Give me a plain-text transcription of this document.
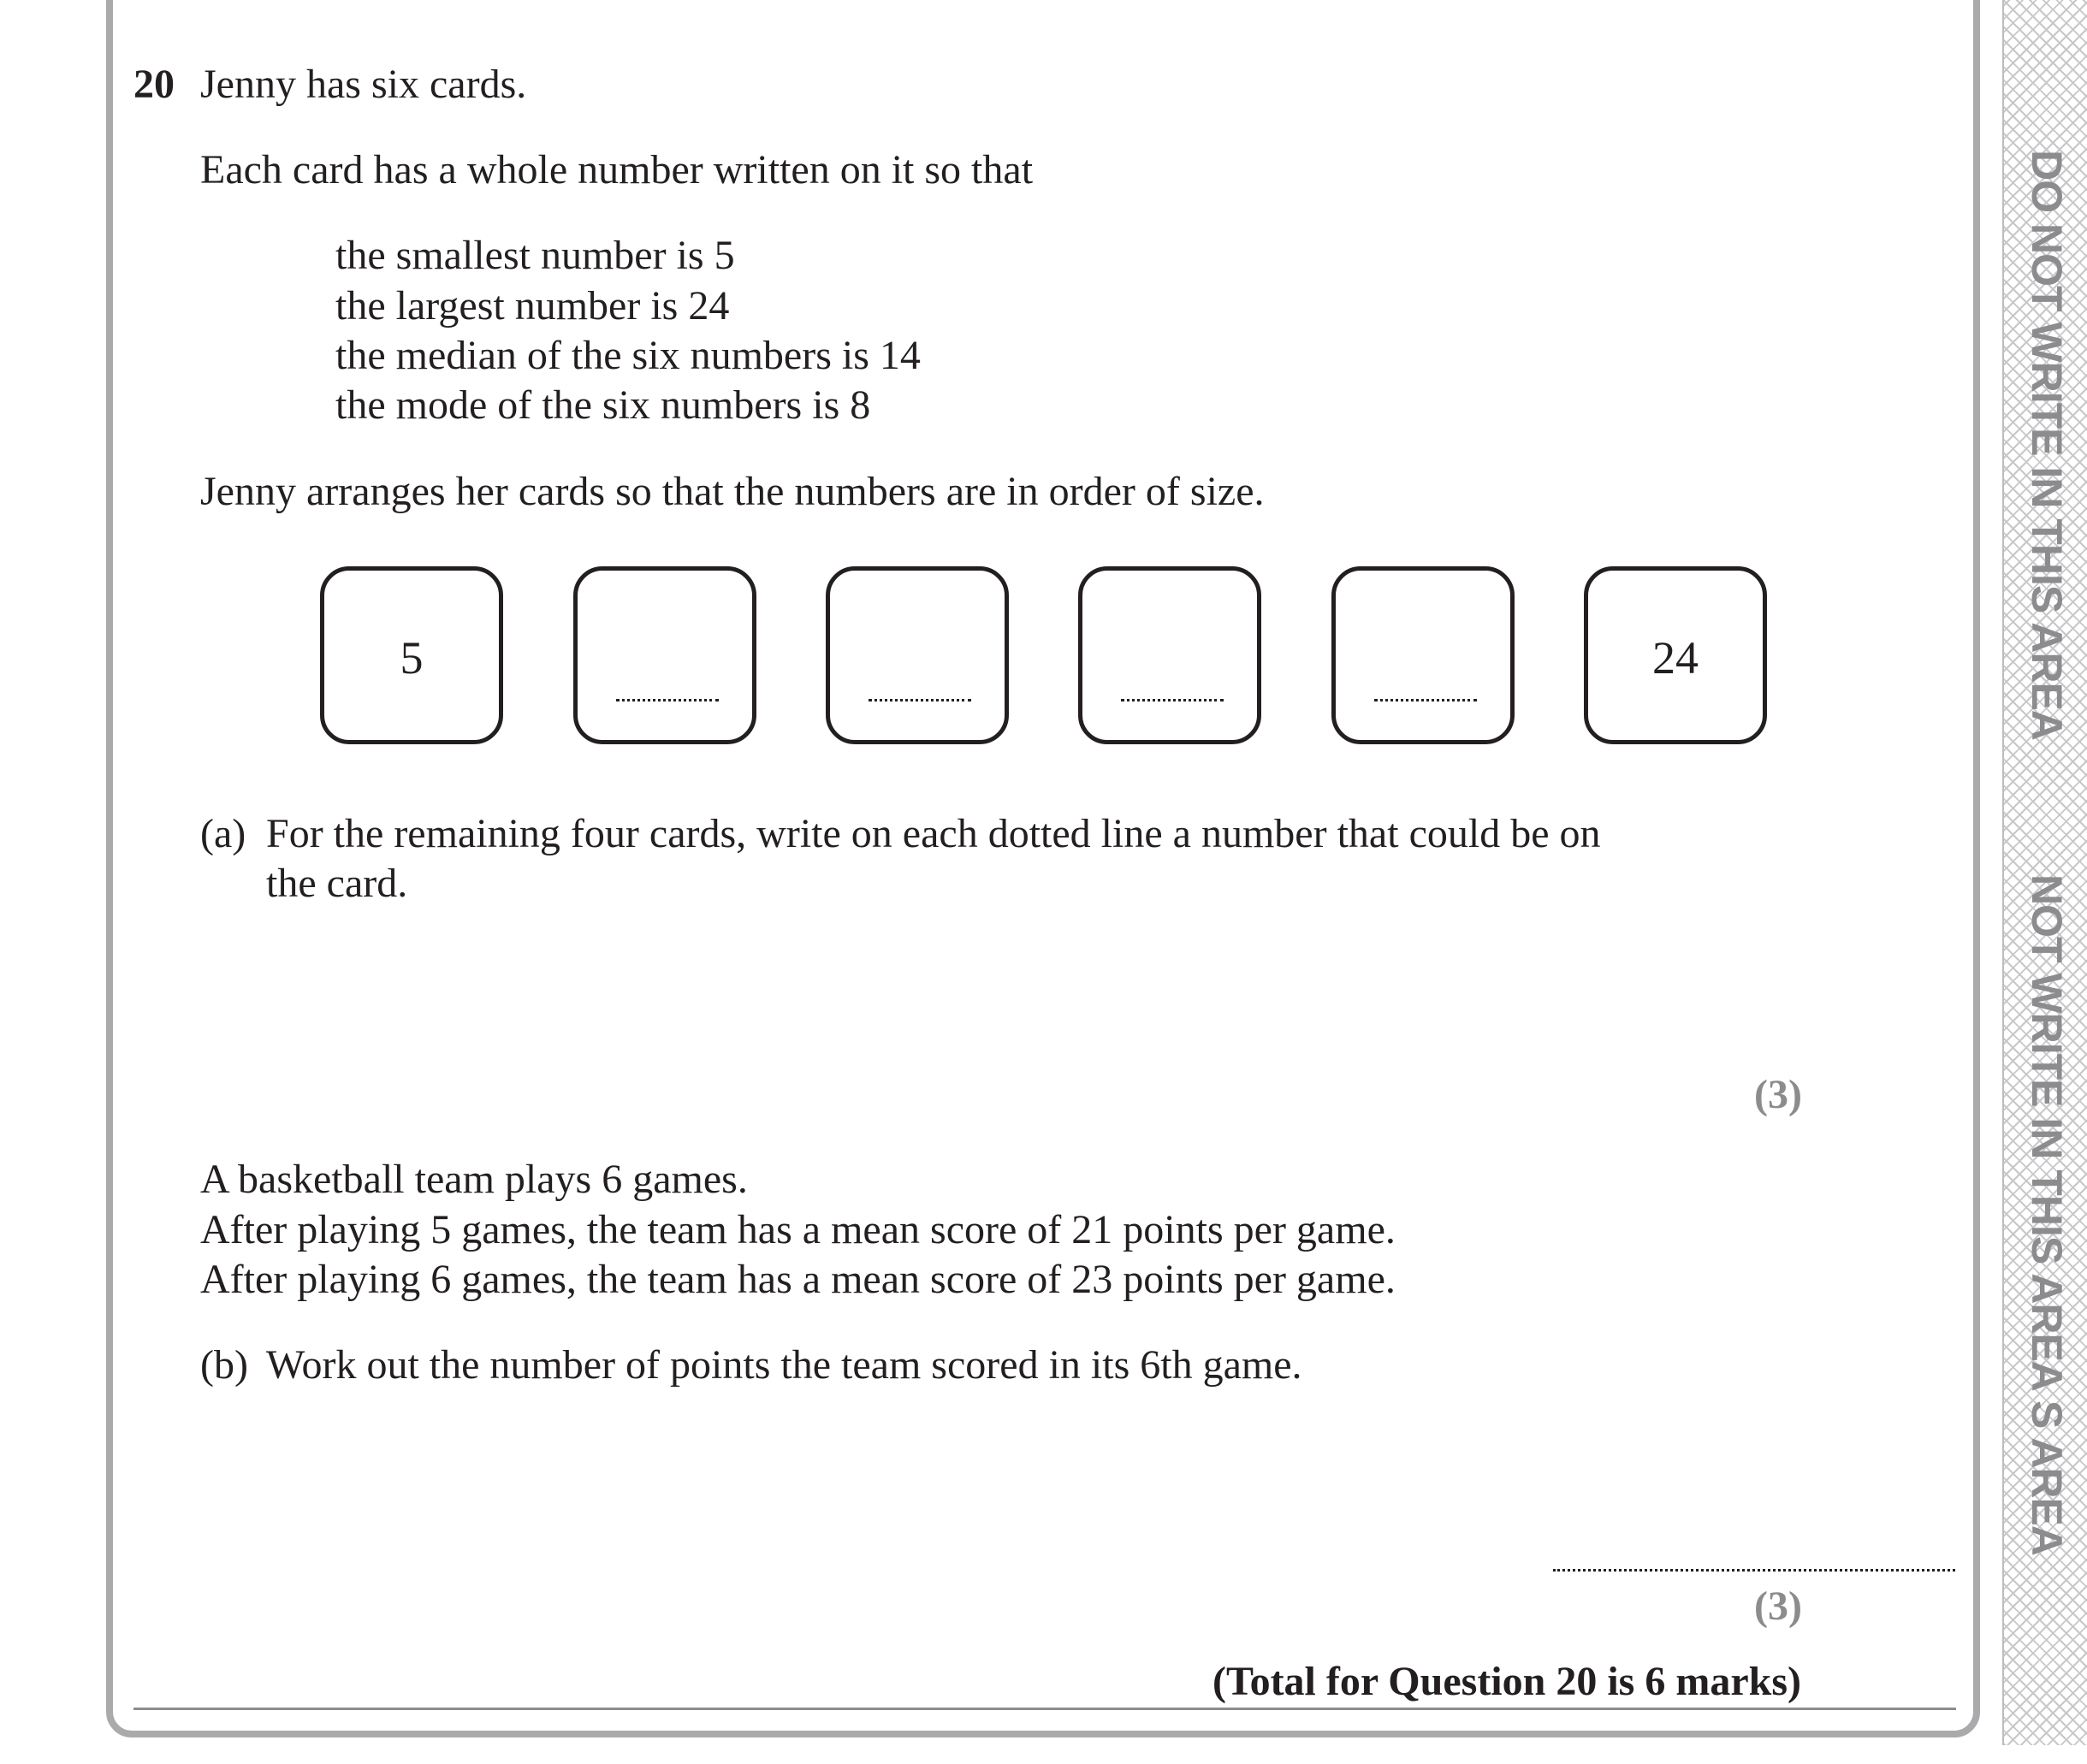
20 Jenny has six cards.
Each card has a whole number written on it so that
the smallest number is 5
the largest number is 24
the median of the six numbers is 14
the mode of the six numbers is 8
Jenny arranges her cards so that the numbers are in order of size.
5	24
(a) For the remaining four cards, write on each dotted line a number that could be on
the card.
(3)
A basketball team plays 6 games.
After playing 5 games, the team has a mean score of 21 points per game.
After playing 6 games, the team has a mean score of 23 points per game.
(b) Work out the number of points the team scored in its 6th game.
(3)
(Total for Question 20 is 6 marks)
DO NOT WRITE IN THIS AREA
NOT WRITE IN THIS AREA S AREA
